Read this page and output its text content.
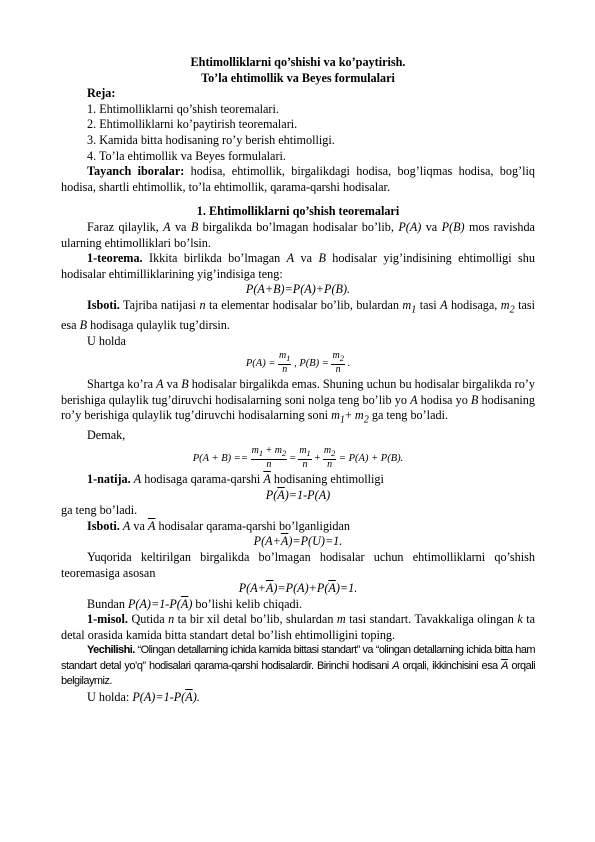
Ehtimolliklarni qo’shishi va ko’paytirish.

To’la ehtimollik va Beyes formulalari

Reja:

1. Ehtimolliklarni qo’shish teoremalari.

2. Ehtimolliklarni ko’paytirish teoremalari.

3. Kamida bitta hodisaning ro’y berish ehtimolligi.

4. To’la ehtimollik va Beyes formulalari.

Tayanch iboralar: hodisa, ehtimollik, birgalikdagi hodisa, bog’liqmas hodisa, bog’liq hodisa, shartli ehtimollik, to’la ehtimollik, qarama-qarshi hodisalar.

1. Ehtimolliklarni qo’shish teoremalari

Faraz qilaylik, A va B birgalikda bo’lmagan hodisalar bo’lib, P(A) va P(B) mos ravishda ularning ehtimolliklari bo’lsin.

1-teorema. Ikkita birlikda bo’lmagan A va B hodisalar yig’indisining ehtimolligi shu hodisalar ehtimilliklarining yig’indisiga teng:

P(A+B)=P(A)+P(B).

Isboti. Tajriba natijasi n ta elementar hodisalar bo’lib, bulardan $m_1$ tasi A hodisaga, $m_2$ tasi esa B hodisaga qulaylik tug’dirsin.

U holda

$P(A) = \frac{m_1}{n}$ , $P(B) = \frac{m_2}{n}$ .

Shartga ko’ra A va B hodisalar birgalikda emas. Shuning uchun bu hodisalar birgalikda ro’y berishiga qulaylik tug’diruvchi hodisalarning soni nolga teng bo’lib yo A hodisa yo B hodisaning ro’y berishiga qulaylik tug’diruvchi hodisalarning soni $m_1+ m_2$ ga teng bo’ladi.

Demak,

$P(A + B) == \frac{m_1 + m_2}{n} = \frac{m_1}{n} + \frac{m_2}{n} = P(A) + P(B)$.

1-natija. A hodisaga qarama-qarshi $\overline{A}$ hodisaning ehtimolligi

$P(\overline{A})=1-P(A)$

ga teng bo’ladi.

Isboti. A va $\overline{A}$ hodisalar qarama-qarshi bo’lganligidan

$P(A+\overline{A})=P(U)=1$.

Yuqorida keltirilgan birgalikda bo’lmagan hodisalar uchun ehtimolliklarni qo’shish teoremasiga asosan

$P(A+\overline{A})=P(A)+P(\overline{A})=1$.

Bundan $P(A)=1-P(\overline{A})$ bo’lishi kelib chiqadi.

1-misol. Qutida n ta bir xil detal bo’lib, shulardan m tasi standart. Tavakkaliga olingan k ta detal orasida kamida bitta standart detal bo’lish ehtimolligini toping.

Yechilishi. “Olingan detallarning ichida kamida bittasi standart” va “olingan detallarning ichida bitta ham standart detal yo’q” hodisalari qarama-qarshi hodisalardir. Birinchi hodisani A orqali, ikkinchisini esa $\overline{A}$ orqali belgilaymiz.

U holda: $P(A)=1-P(\overline{A})$.
